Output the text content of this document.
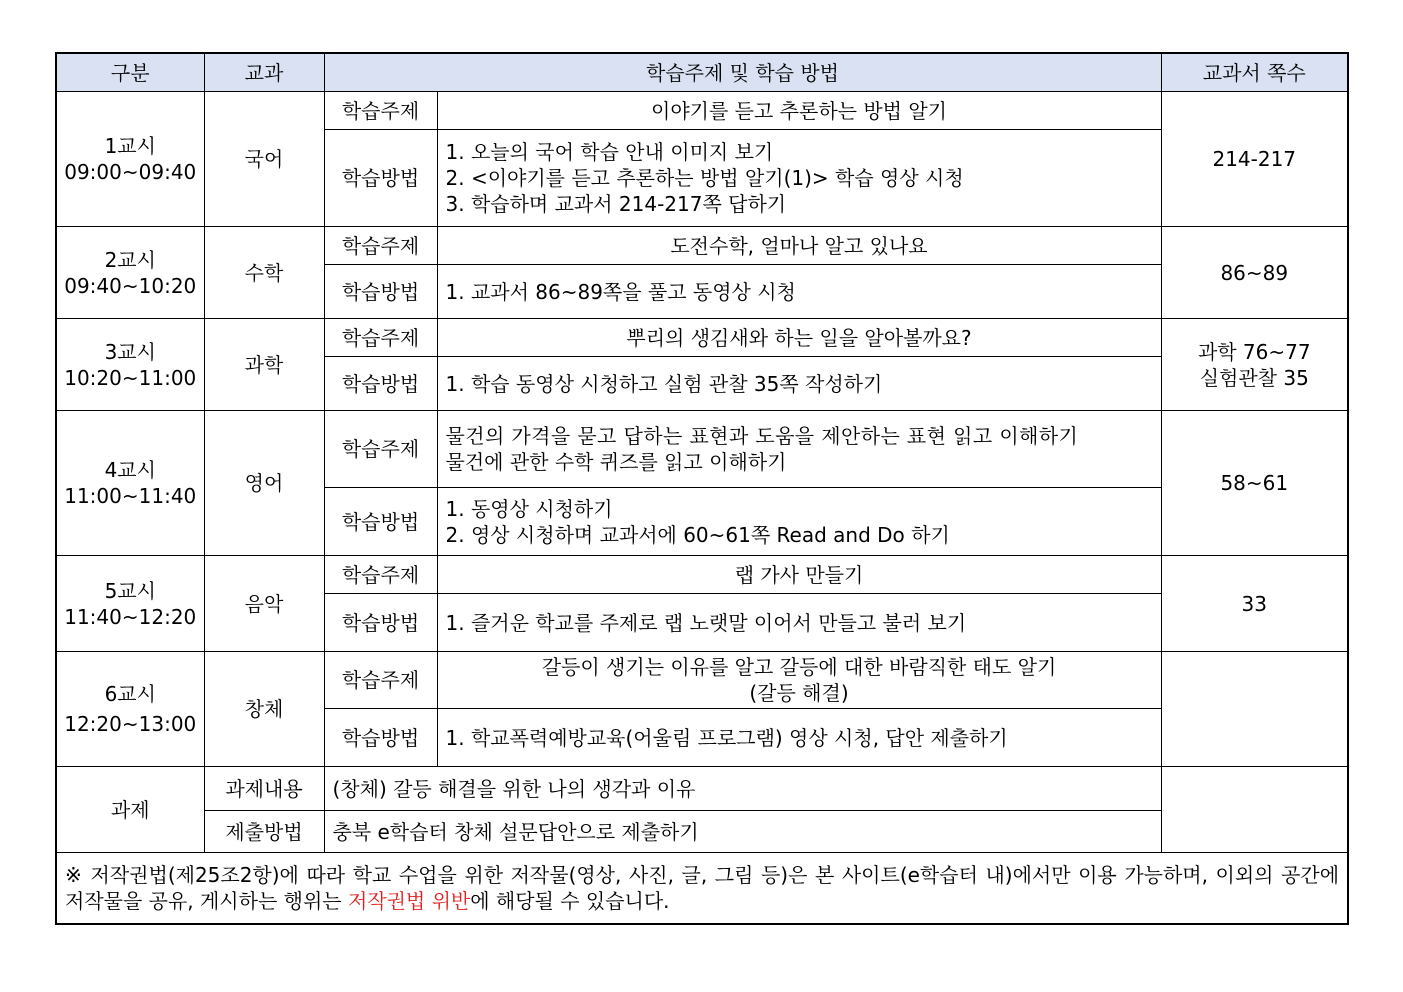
구분	교과	학습주제 및 학습 방법		교과서 쪽수

1교시
09:00~09:40	국어	학습주제	이야기를 듣고 추론하는 방법 알기	214-217
		학습방법	1. 오늘의 국어 학습 안내 이미지 보기
2. <이야기를 듣고 추론하는 방법 알기(1)> 학습 영상 시청
3. 학습하며 교과서 214-217쪽 답하기	

2교시
09:40~10:20	수학	학습주제	도전수학, 얼마나 알고 있나요	86~89
		학습방법	1. 교과서 86~89쪽을 풀고 동영상 시청	

3교시
10:20~11:00	과학	학습주제	뿌리의 생김새와 하는 일을 알아볼까요?	과학 76~77
실험관찰 35

		학습방법	1. 학습 동영상 시청하고 실험 관찰 35쪽 작성하기	

4교시
11:00~11:40	영어	학습주제	물건의 가격을 묻고 답하는 표현과 도움을 제안하는 표현 읽고 이해하기
물건에 관한 수학 퀴즈를 읽고 이해하기	58~61
		학습방법	1. 동영상 시청하기
2. 영상 시청하며 교과서에 60~61쪽 Read and Do 하기	

5교시
11:40~12:20	음악	학습주제	랩 가사 만들기	33
		학습방법	1. 즐거운 학교를 주제로 랩 노랫말 이어서 만들고 불러 보기	

6교시
12:20~13:00	창체	학습주제	갈등이 생기는 이유를 알고 갈등에 대한 바람직한 태도 알기
(갈등 해결)	

		학습방법	1. 학교폭력예방교육(어울림 프로그램) 영상 시청, 답안 제출하기	

과제	과제내용	(창체) 갈등 해결을 위한 나의 생각과 이유		
	제출방법	충북 e학습터 창체 설문답안으로 제출하기		
※ 저작권법(제25조2항)에 따라 학교 수업을 위한 저작물(영상, 사진, 글, 그림 등)은 본 사이트(e학습터 내)에서만 이용 가능하며, 이외의 공간에 저작물을 공유, 게시하는 행위는 저작권법 위반에 해당될 수 있습니다.				
